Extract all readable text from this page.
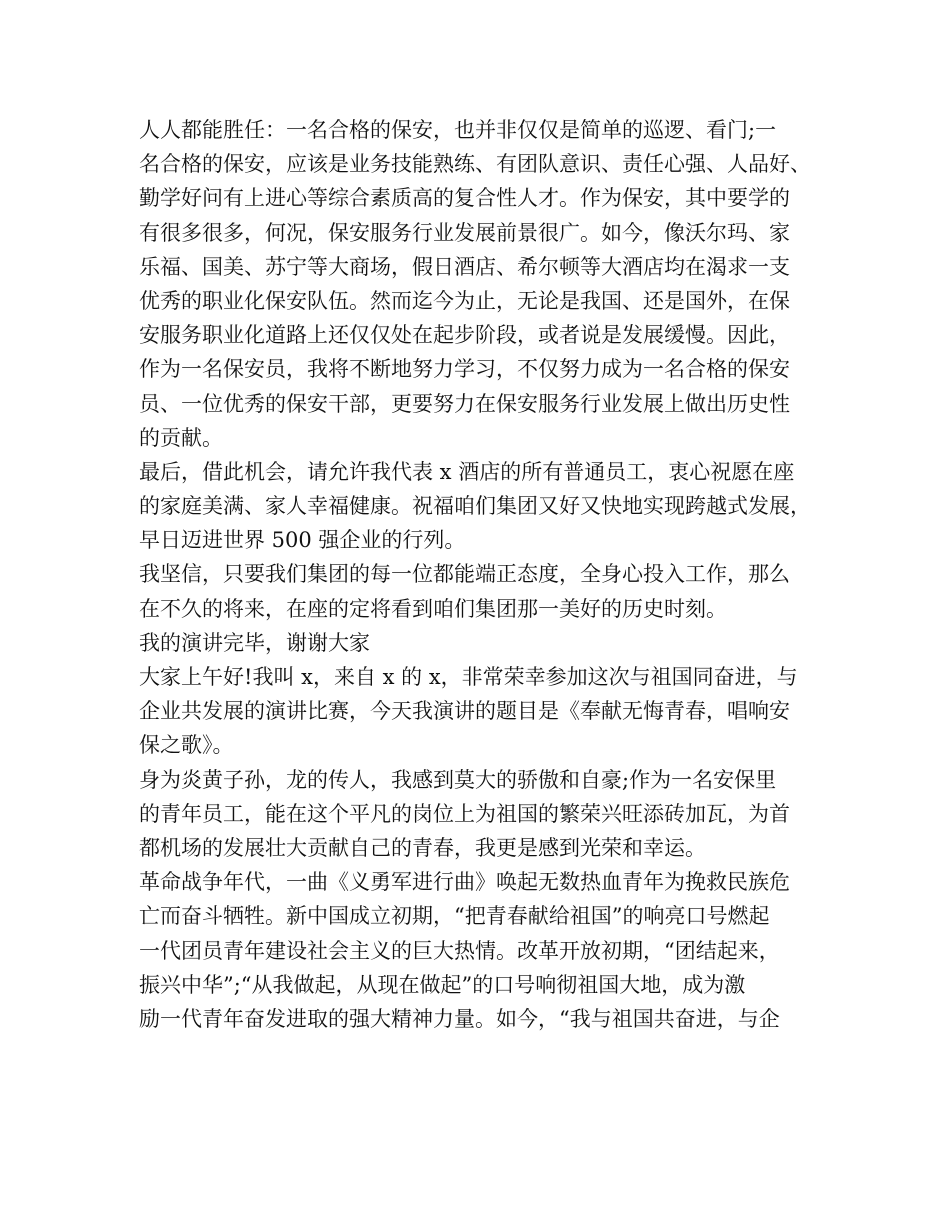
人人都能胜任：一名合格的保安，也并非仅仅是简单的巡逻、看门;一
名合格的保安，应该是业务技能熟练、有团队意识、责任心强、人品好、
勤学好问有上进心等综合素质高的复合性人才。作为保安，其中要学的
有很多很多，何况，保安服务行业发展前景很广。如今，像沃尔玛、家
乐福、国美、苏宁等大商场，假日酒店、希尔顿等大酒店均在渴求一支
优秀的职业化保安队伍。然而迄今为止，无论是我国、还是国外，在保
安服务职业化道路上还仅仅处在起步阶段，或者说是发展缓慢。因此，
作为一名保安员，我将不断地努力学习，不仅努力成为一名合格的保安
员、一位优秀的保安干部，更要努力在保安服务行业发展上做出历史性
的贡献。
最后，借此机会，请允许我代表 x 酒店的所有普通员工，衷心祝愿在座
的家庭美满、家人幸福健康。祝福咱们集团又好又快地实现跨越式发展，
早日迈进世界 500 强企业的行列。
我坚信，只要我们集团的每一位都能端正态度，全身心投入工作，那么
在不久的将来，在座的定将看到咱们集团那一美好的历史时刻。
我的演讲完毕，谢谢大家
大家上午好!我叫 x，来自 x 的 x，非常荣幸参加这次与祖国同奋进，与
企业共发展的演讲比赛，今天我演讲的题目是《奉献无悔青春，唱响安
保之歌》。
身为炎黄子孙，龙的传人，我感到莫大的骄傲和自豪;作为一名安保里
的青年员工，能在这个平凡的岗位上为祖国的繁荣兴旺添砖加瓦，为首
都机场的发展壮大贡献自己的青春，我更是感到光荣和幸运。
革命战争年代，一曲《义勇军进行曲》唤起无数热血青年为挽救民族危
亡而奋斗牺牲。新中国成立初期，“把青春献给祖国”的响亮口号燃起
一代团员青年建设社会主义的巨大热情。改革开放初期，“团结起来，
振兴中华”;“从我做起，从现在做起”的口号响彻祖国大地，成为激
励一代青年奋发进取的强大精神力量。如今，“我与祖国共奋进，与企
